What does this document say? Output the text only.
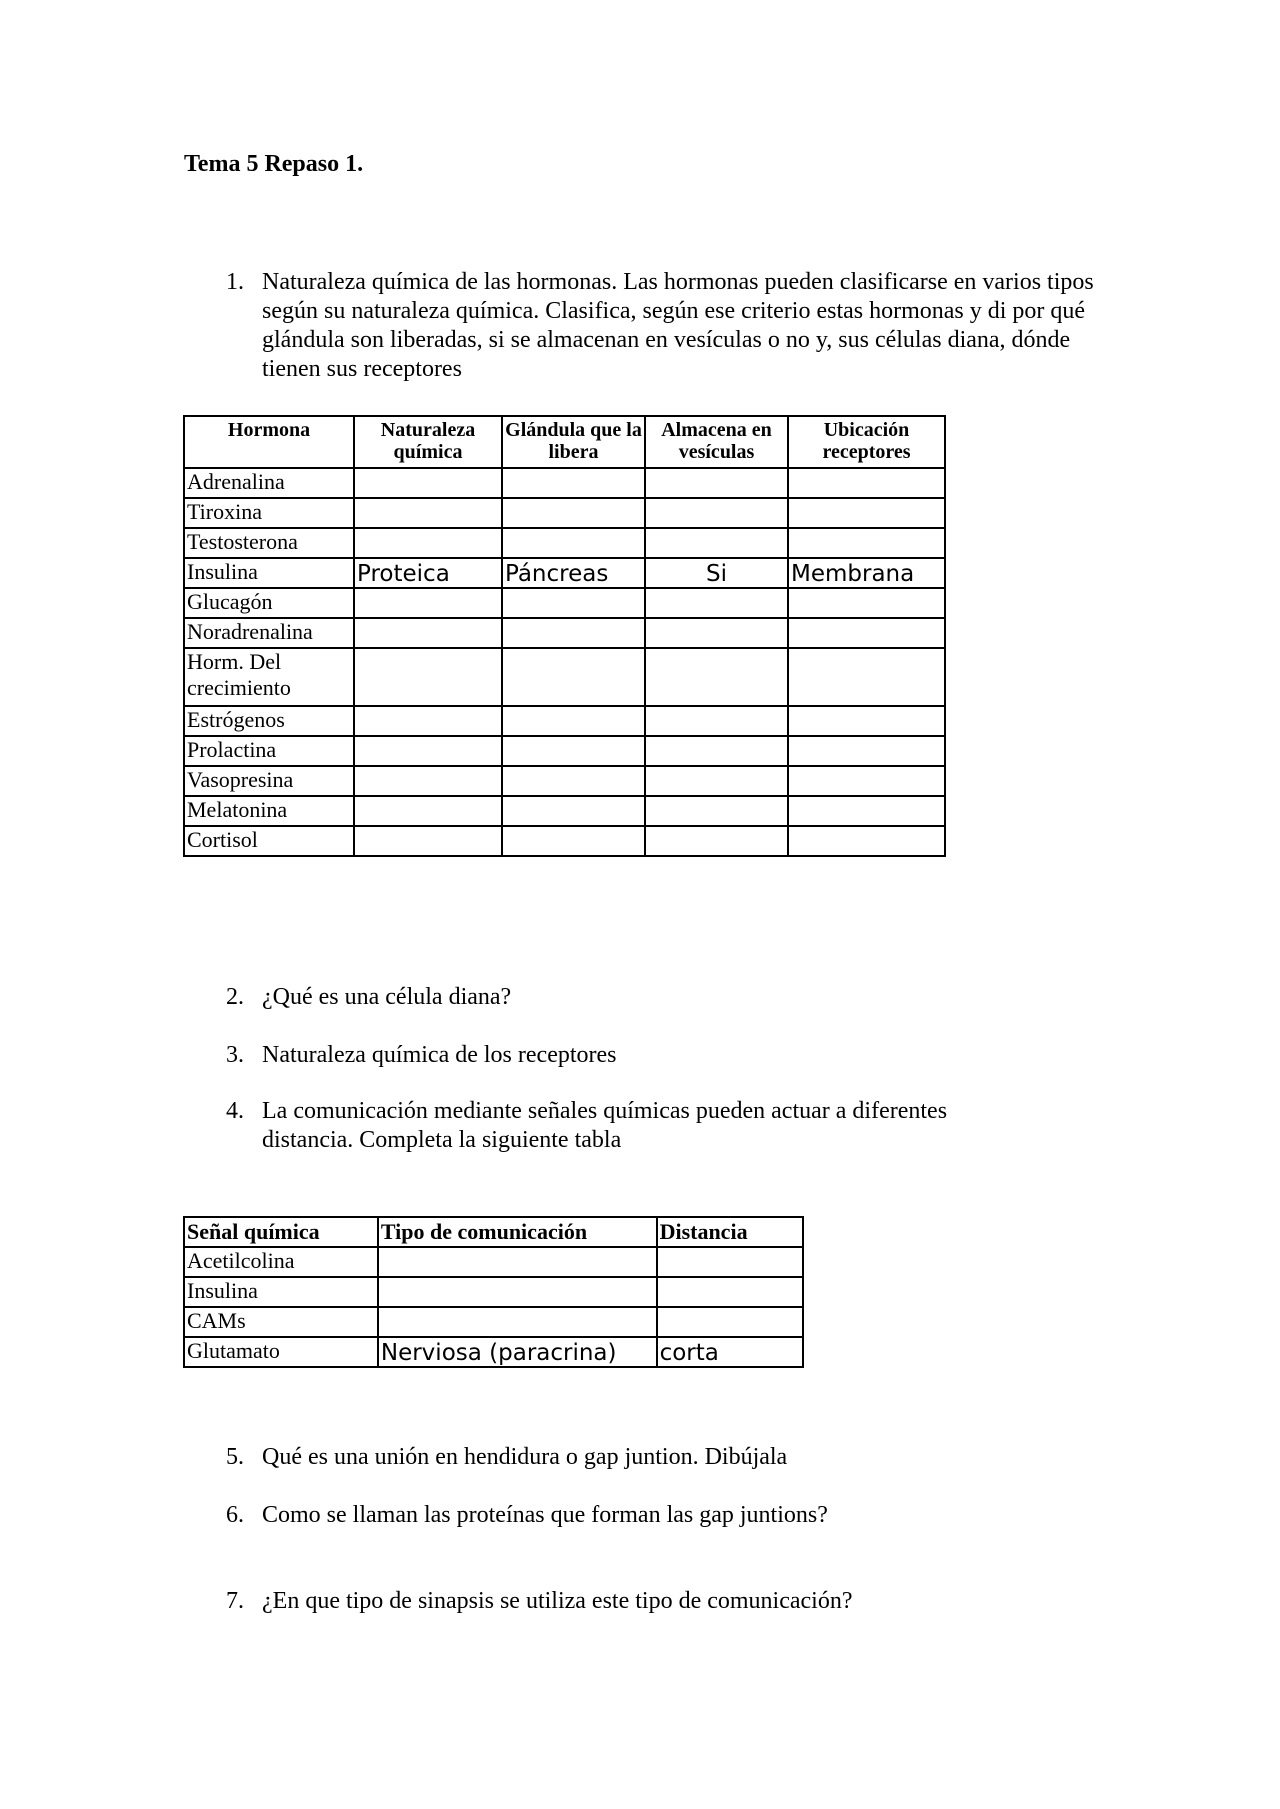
Tema 5 Repaso 1.
1. Naturaleza química de las hormonas. Las hormonas pueden clasificarse en varios tipos según su naturaleza química. Clasifica, según ese criterio estas hormonas y di por qué glándula son liberadas, si se almacenan en vesículas o no y, sus células diana, dónde tienen sus receptores
Hormona	Naturaleza química	Glándula que la libera	Almacena en vesículas	Ubicación receptores
Adrenalina				
Tiroxina				
Testosterona				
Insulina	Proteica	Páncreas	Si	Membrana
Glucagón				
Noradrenalina				
Horm. Del crecimiento				
Estrógenos				
Prolactina				
Vasopresina				
Melatonina				
Cortisol				
2. ¿Qué es una célula diana?
3. Naturaleza química de los receptores
4. La comunicación mediante señales químicas pueden actuar a diferentes distancia. Completa la siguiente tabla
Señal química	Tipo de comunicación	Distancia
Acetilcolina		
Insulina		
CAMs		
Glutamato	Nerviosa (paracrina)	corta
5. Qué es una unión en hendidura o gap juntion. Dibújala
6. Como se llaman las proteínas que forman las gap juntions?
7. ¿En que tipo de sinapsis se utiliza este tipo de comunicación?
